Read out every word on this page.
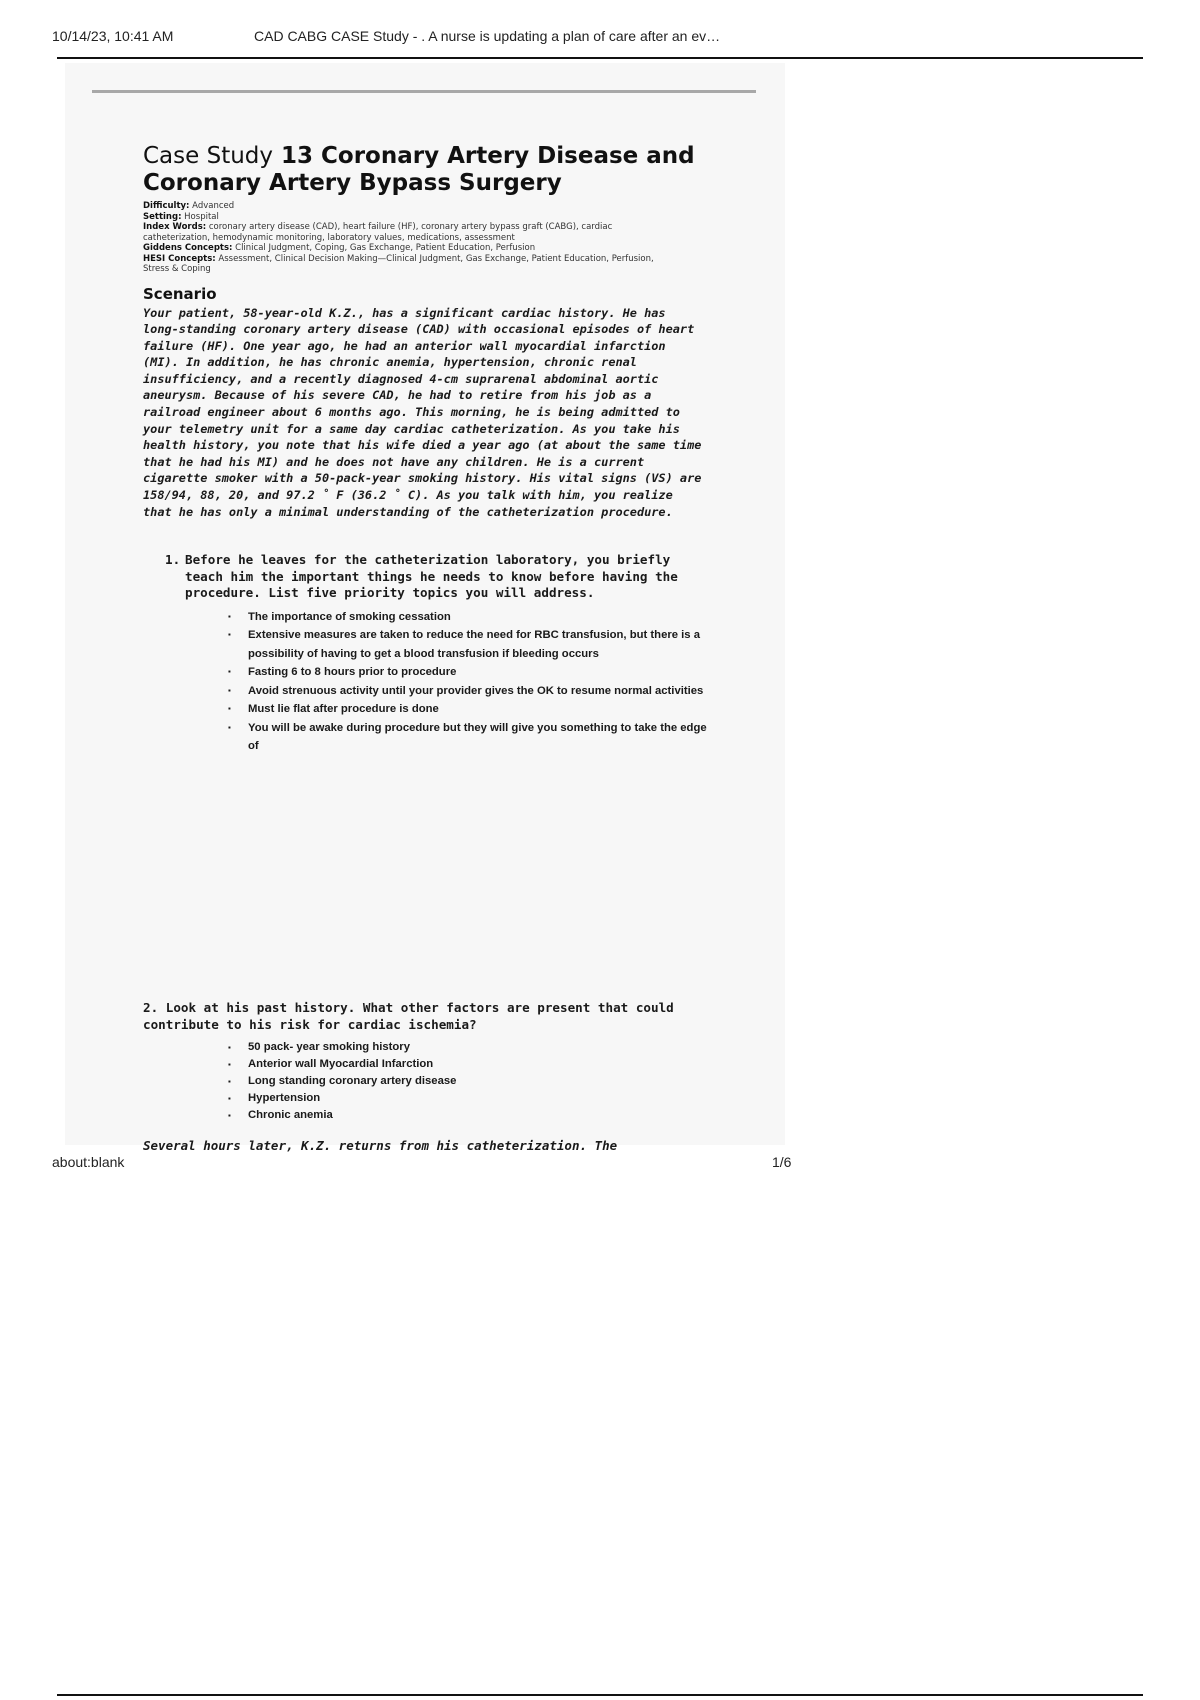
10/14/23, 10:41 AM	CAD CABG CASE Study - . A nurse is updating a plan of care after an ev…
Case Study 13 Coronary Artery Disease and Coronary Artery Bypass Surgery
Difficulty: Advanced
Setting: Hospital
Index Words: coronary artery disease (CAD), heart failure (HF), coronary artery bypass graft (CABG), cardiac
catheterization, hemodynamic monitoring, laboratory values, medications, assessment
Giddens Concepts: Clinical Judgment, Coping, Gas Exchange, Patient Education, Perfusion
HESI Concepts: Assessment, Clinical Decision Making—Clinical Judgment, Gas Exchange, Patient Education, Perfusion,
Stress & Coping
Scenario

Your patient, 58-year-old K.Z., has a significant cardiac history. He has long-standing coronary artery disease (CAD) with occasional episodes of heart failure (HF). One year ago, he had an anterior wall myocardial infarction (MI). In addition, he has chronic anemia, hypertension, chronic renal insufficiency, and a recently diagnosed 4-cm suprarenal abdominal aortic aneurysm. Because of his severe CAD, he had to retire from his job as a railroad engineer about 6 months ago. This morning, he is being admitted to your telemetry unit for a same day cardiac catheterization. As you take his health history, you note that his wife died a year ago (at about the same time that he had his MI) and he does not have any children. He is a current cigarette smoker with a 50-pack-year smoking history. His vital signs (VS) are 158/94, 88, 20, and 97.2 ˚ F (36.2 ˚ C). As you talk with him, you realize that he has only a minimal understanding of the catheterization procedure.

1. Before he leaves for the catheterization laboratory, you briefly teach him the important things he needs to know before having the procedure. List five priority topics you will address.
▪ The importance of smoking cessation
▪ Extensive measures are taken to reduce the need for RBC transfusion, but there is a possibility of having to get a blood transfusion if bleeding occurs
▪ Fasting 6 to 8 hours prior to procedure
▪ Avoid strenuous activity until your provider gives the OK to resume normal activities
▪ Must lie flat after procedure is done
▪ You will be awake during procedure but they will give you something to take the edge of
2. Look at his past history. What other factors are present that could contribute to his risk for cardiac ischemia?
▪ 50 pack- year smoking history
▪ Anterior wall Myocardial Infarction
▪ Long standing coronary artery disease
▪ Hypertension
▪ Chronic anemia
Several hours later, K.Z. returns from his catheterization. The
about:blank	1/6
